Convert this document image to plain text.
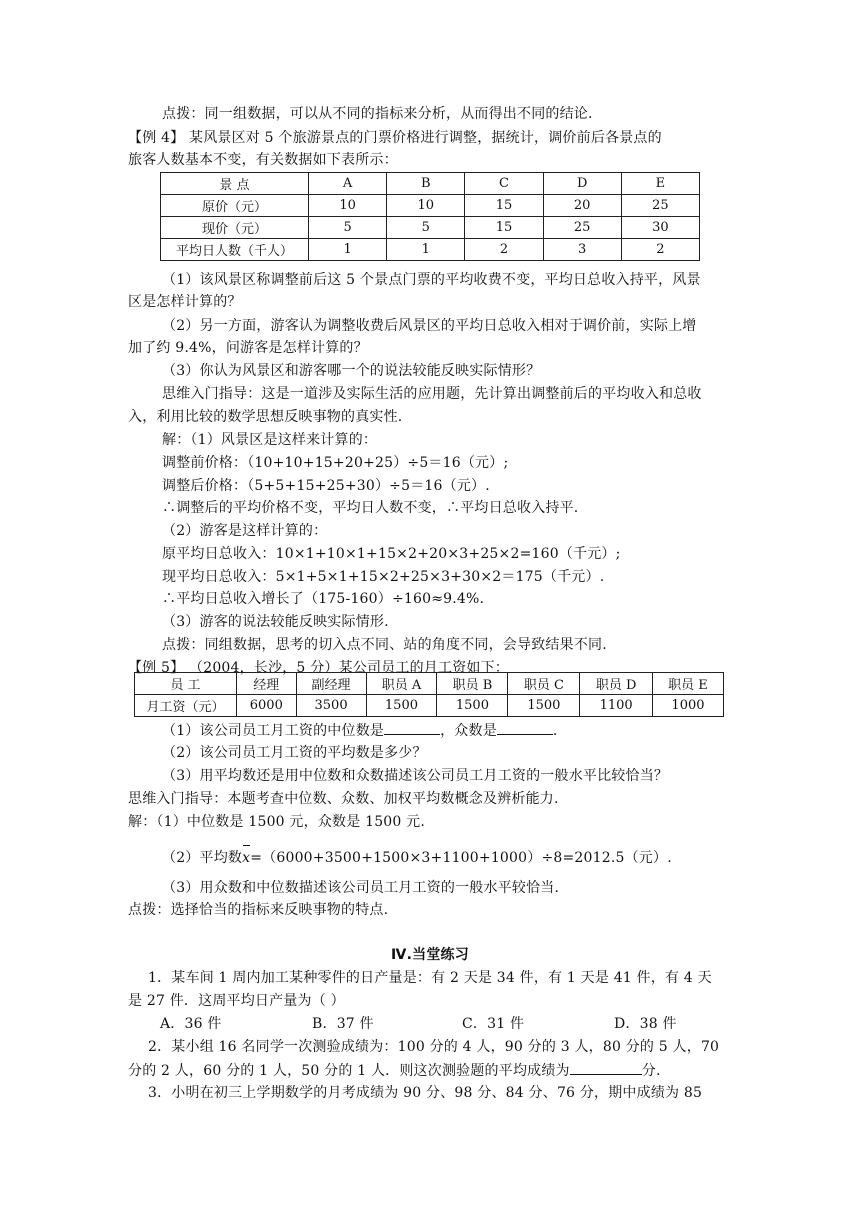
点拨：同一组数据，可以从不同的指标来分析，从而得出不同的结论.
【例 4】 某风景区对 5 个旅游景点的门票价格进行调整，据统计，调价前后各景点的
旅客人数基本不变，有关数据如下表所示：
景 点	A	B	C	D	E
原价（元）	10	10	15	20	25
现价（元）	5	5	15	25	30
平均日人数（千人）	1	1	2	3	2
（1）该风景区称调整前后这 5 个景点门票的平均收费不变，平均日总收入持平，风景
区是怎样计算的？
（2）另一方面，游客认为调整收费后风景区的平均日总收入相对于调价前，实际上增
加了约 9.4%，问游客是怎样计算的？
（3）你认为风景区和游客哪一个的说法较能反映实际情形？
思维入门指导：这是一道涉及实际生活的应用题，先计算出调整前后的平均收入和总收
入，利用比较的数学思想反映事物的真实性.
解：（1）风景区是这样来计算的：
调整前价格：（10+10+15+20+25）÷5＝16（元）;
调整后价格：（5+5+15+25+30）÷5＝16（元）.
∴调整后的平均价格不变，平均日人数不变，∴平均日总收入持平.
（2）游客是这样计算的：
原平均日总收入：10×1+10×1+15×2+20×3+25×2=160（千元）;
现平均日总收入：5×1+5×1+15×2+25×3+30×2＝175（千元）.
∴平均日总收入增长了（175-160）÷160≈9.4%.
（3）游客的说法较能反映实际情形.
点拨：同组数据，思考的切入点不同、站的角度不同，会导致结果不同.
【例 5】 （2004，长沙，5 分）某公司员工的月工资如下：
员 工	经理	副经理	职员 A	职员 B	职员 C	职员 D	职员 E
月工资（元）	6000	3500	1500	1500	1500	1100	1000
（1）该公司员工月工资的中位数是	，众数是	.
（2）该公司员工月工资的平均数是多少？
（3）用平均数还是用中位数和众数描述该公司员工月工资的一般水平比较恰当？
思维入门指导：本题考查中位数、众数、加权平均数概念及辨析能力.
解：（1）中位数是 1500 元，众数是 1500 元.
（2）平均数x=（6000+3500+1500×3+1100+1000）÷8=2012.5（元）.
（3）用众数和中位数描述该公司员工月工资的一般水平较恰当.
点拨：选择恰当的指标来反映事物的特点.
Ⅳ.当堂练习
1．某车间 1 周内加工某种零件的日产量是：有 2 天是 34 件，有 1 天是 41 件，有 4 天
是 27 件．这周平均日产量为（ ）
A．36 件	B．37 件	C．31 件	D．38 件
2．某小组 16 名同学一次测验成绩为：100 分的 4 人，90 分的 3 人，80 分的 5 人，70
分的 2 人，60 分的 1 人，50 分的 1 人．则这次测验题的平均成绩为	分.
3．小明在初三上学期数学的月考成绩为 90 分、98 分、84 分、76 分，期中成绩为 85
